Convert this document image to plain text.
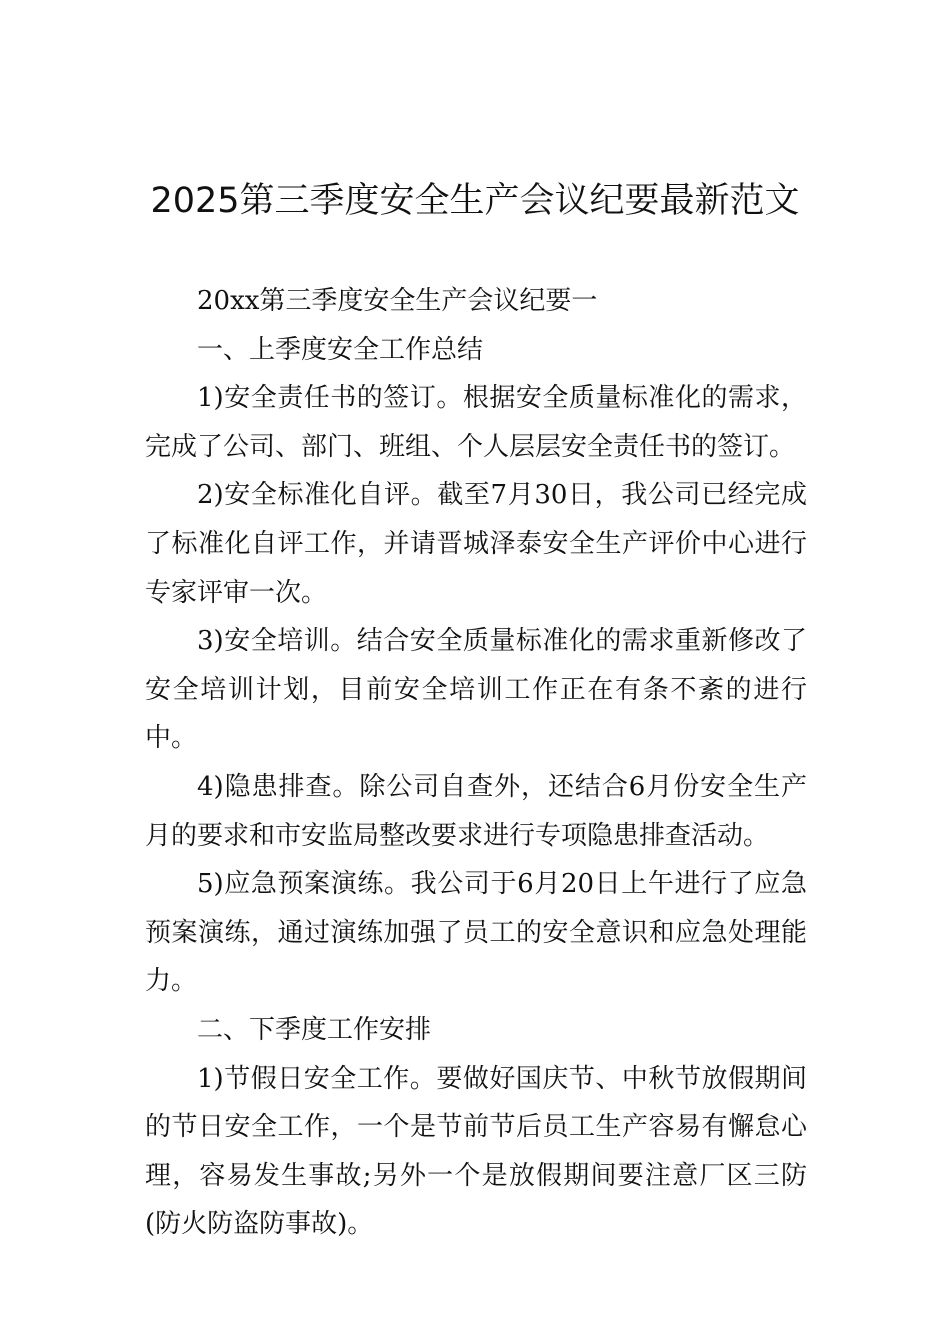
2025第三季度安全生产会议纪要最新范文

20xx第三季度安全生产会议纪要一

一、上季度安全工作总结

1)安全责任书的签订。根据安全质量标准化的需求，完成了公司、部门、班组、个人层层安全责任书的签订。

2)安全标准化自评。截至7月30日，我公司已经完成了标准化自评工作，并请晋城泽泰安全生产评价中心进行专家评审一次。

3)安全培训。结合安全质量标准化的需求重新修改了安全培训计划，目前安全培训工作正在有条不紊的进行中。

4)隐患排查。除公司自查外，还结合6月份安全生产月的要求和市安监局整改要求进行专项隐患排查活动。

5)应急预案演练。我公司于6月20日上午进行了应急预案演练，通过演练加强了员工的安全意识和应急处理能力。

二、下季度工作安排

1)节假日安全工作。要做好国庆节、中秋节放假期间的节日安全工作，一个是节前节后员工生产容易有懈怠心理，容易发生事故;另外一个是放假期间要注意厂区三防(防火防盗防事故)。
